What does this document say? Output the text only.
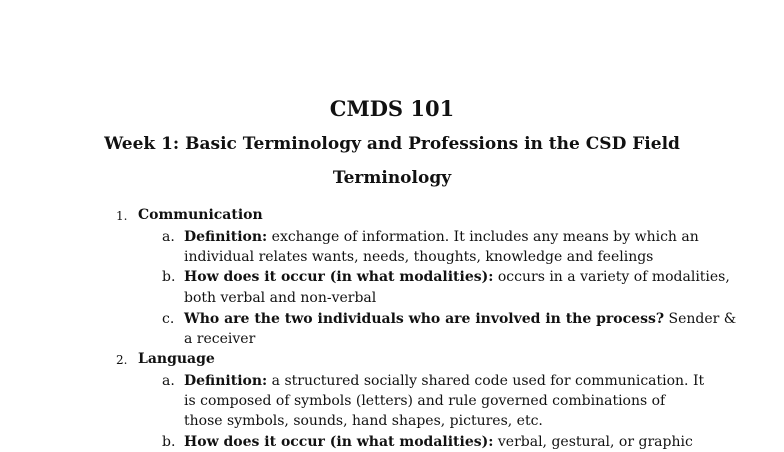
CMDS 101
Week 1: Basic Terminology and Professions in the CSD Field
Terminology
1. Communication
a. Definition: exchange of information. It includes any means by which an
individual relates wants, needs, thoughts, knowledge and feelings
b. How does it occur (in what modalities): occurs in a variety of modalities,
both verbal and non-verbal
c. Who are the two individuals who are involved in the process? Sender &
a receiver
2. Language
a. Definition: a structured socially shared code used for communication. It
is composed of symbols (letters) and rule governed combinations of
those symbols, sounds, hand shapes, pictures, etc.
b. How does it occur (in what modalities): verbal, gestural, or graphic
